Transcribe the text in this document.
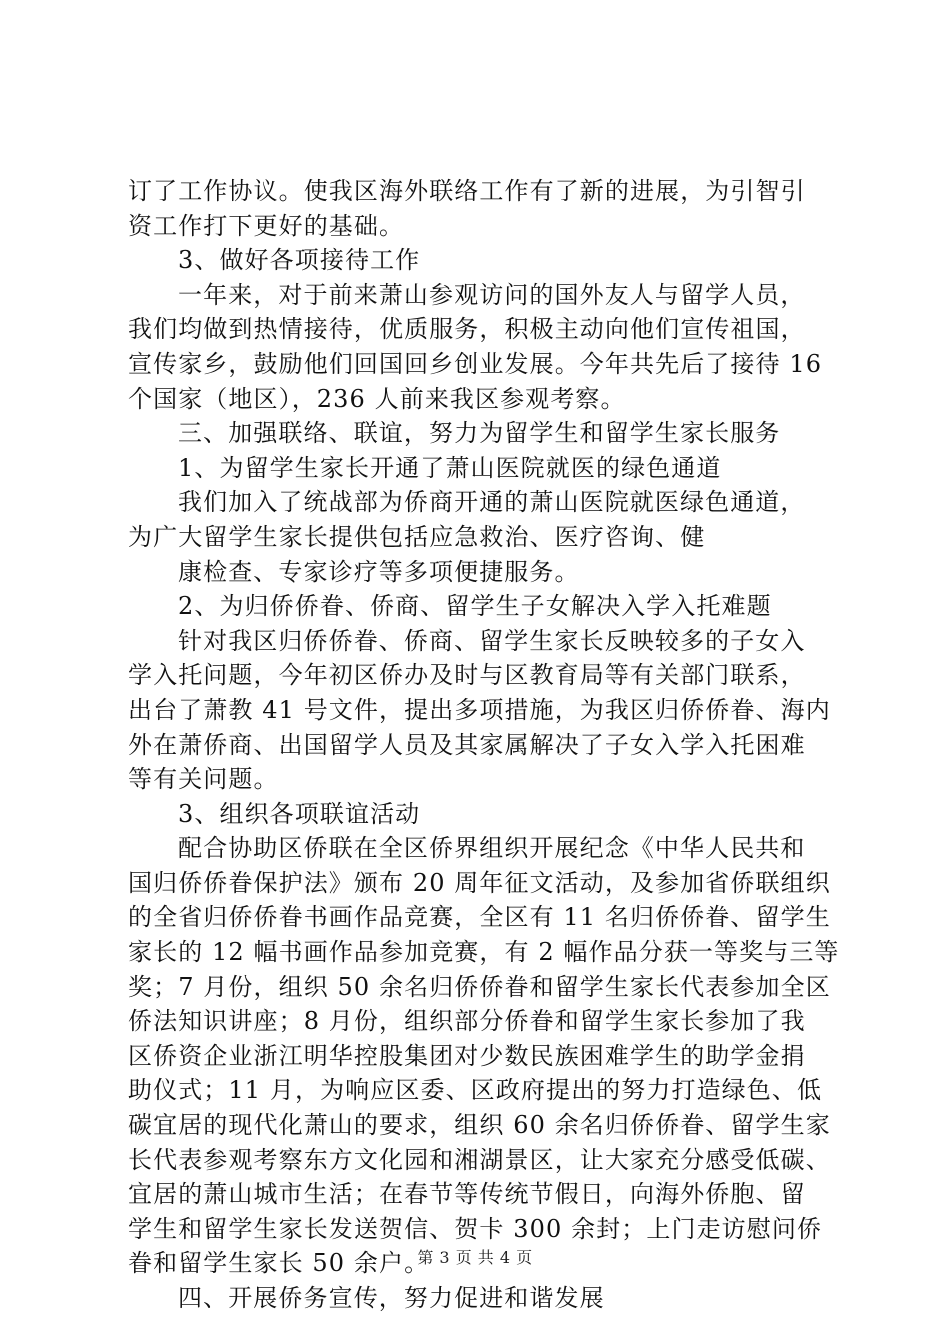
订了工作协议。使我区海外联络工作有了新的进展，为引智引
资工作打下更好的基础。
3、做好各项接待工作
一年来，对于前来萧山参观访问的国外友人与留学人员，
我们均做到热情接待，优质服务，积极主动向他们宣传祖国，
宣传家乡，鼓励他们回国回乡创业发展。今年共先后了接待 16
个国家（地区），236 人前来我区参观考察。
三、加强联络、联谊，努力为留学生和留学生家长服务
1、为留学生家长开通了萧山医院就医的绿色通道
我们加入了统战部为侨商开通的萧山医院就医绿色通道，
为广大留学生家长提供包括应急救治、医疗咨询、健
康检查、专家诊疗等多项便捷服务。
2、为归侨侨眷、侨商、留学生子女解决入学入托难题
针对我区归侨侨眷、侨商、留学生家长反映较多的子女入
学入托问题，今年初区侨办及时与区教育局等有关部门联系，
出台了萧教 41 号文件，提出多项措施，为我区归侨侨眷、海内
外在萧侨商、出国留学人员及其家属解决了子女入学入托困难
等有关问题。
3、组织各项联谊活动
配合协助区侨联在全区侨界组织开展纪念《中华人民共和
国归侨侨眷保护法》颁布 20 周年征文活动，及参加省侨联组织
的全省归侨侨眷书画作品竞赛，全区有 11 名归侨侨眷、留学生
家长的 12 幅书画作品参加竞赛，有 2 幅作品分获一等奖与三等
奖；7 月份，组织 50 余名归侨侨眷和留学生家长代表参加全区
侨法知识讲座；8 月份，组织部分侨眷和留学生家长参加了我
区侨资企业浙江明华控股集团对少数民族困难学生的助学金捐
助仪式；11 月，为响应区委、区政府提出的努力打造绿色、低
碳宜居的现代化萧山的要求，组织 60 余名归侨侨眷、留学生家
长代表参观考察东方文化园和湘湖景区，让大家充分感受低碳、
宜居的萧山城市生活；在春节等传统节假日，向海外侨胞、留
学生和留学生家长发送贺信、贺卡 300 余封；上门走访慰问侨
眷和留学生家长 50 余户。
四、开展侨务宣传，努力促进和谐发展
第 3 页 共 4 页
